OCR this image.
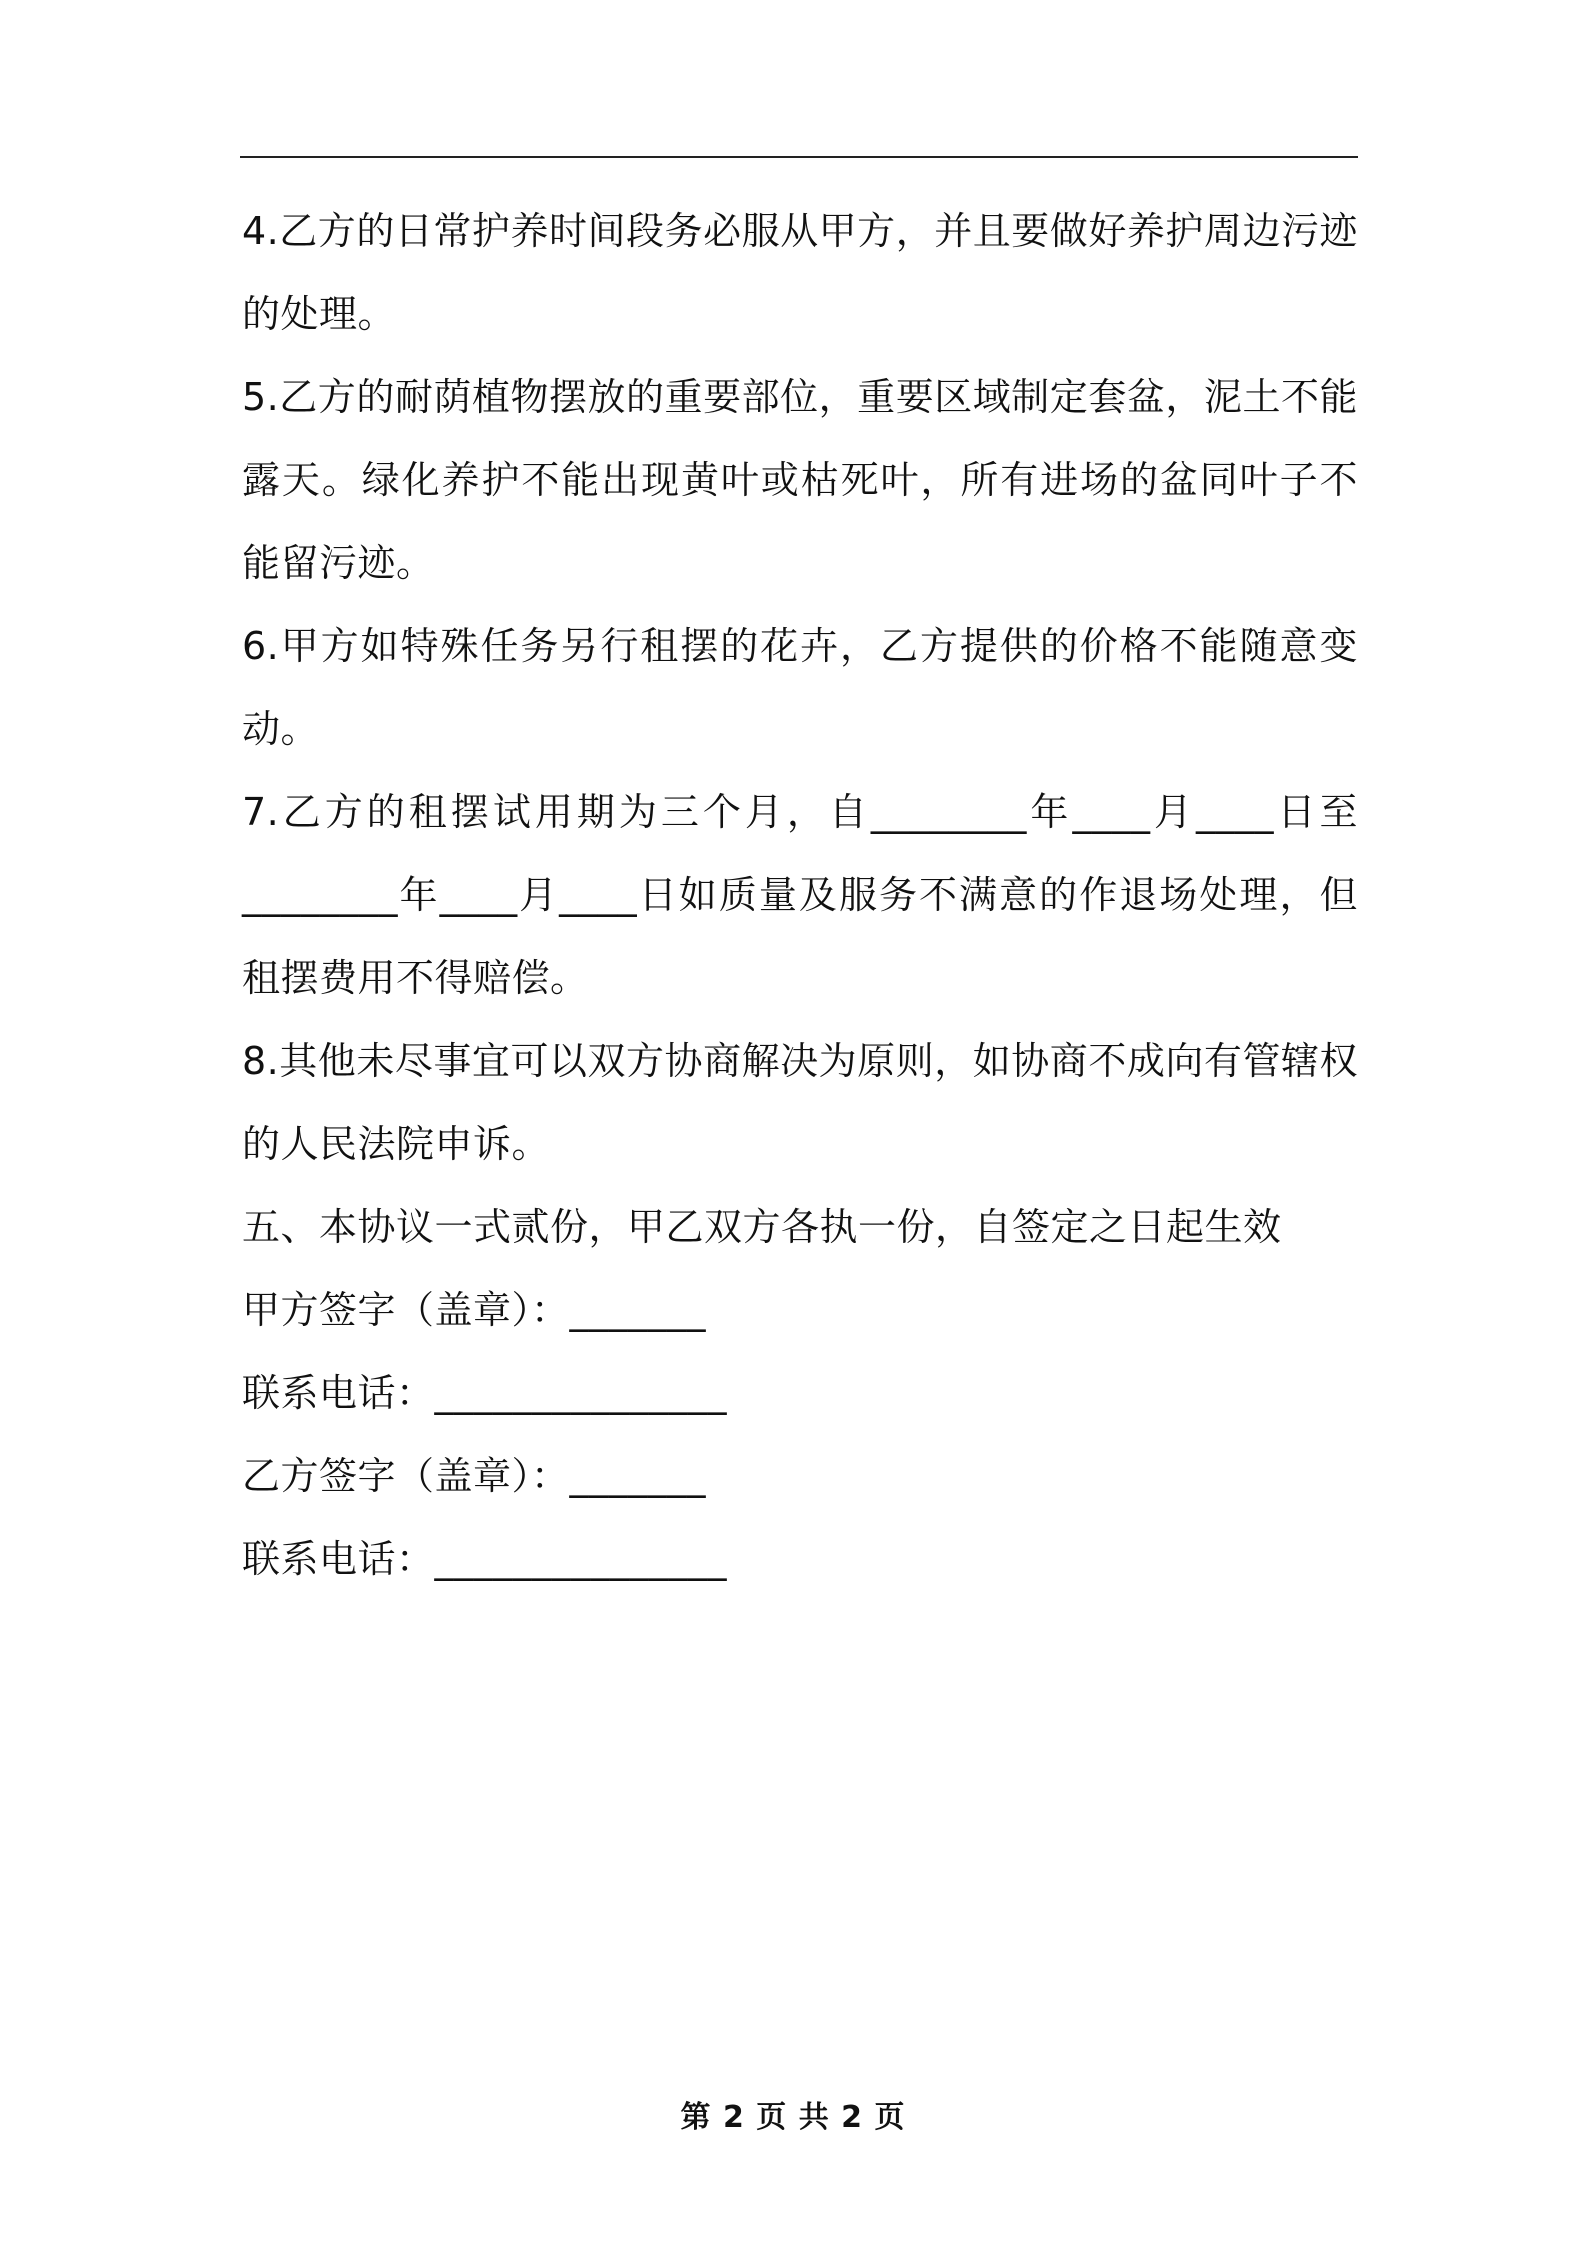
4.乙方的日常护养时间段务必服从甲方，并且要做好养护周边污迹的处理。

5.乙方的耐荫植物摆放的重要部位，重要区域制定套盆，泥土不能露天。绿化养护不能出现黄叶或枯死叶，所有进场的盆同叶子不能留污迹。

6.甲方如特殊任务另行租摆的花卉，乙方提供的价格不能随意变动。

7.乙方的租摆试用期为三个月，自________年____月____日至________年____月____日如质量及服务不满意的作退场处理，但租摆费用不得赔偿。

8.其他未尽事宜可以双方协商解决为原则，如协商不成向有管辖权的人民法院申诉。

五、本协议一式贰份，甲乙双方各执一份，自签定之日起生效

甲方签字（盖章）：_______

联系电话：_______________

乙方签字（盖章）：_______

联系电话：_______________

第 2 页 共 2 页
